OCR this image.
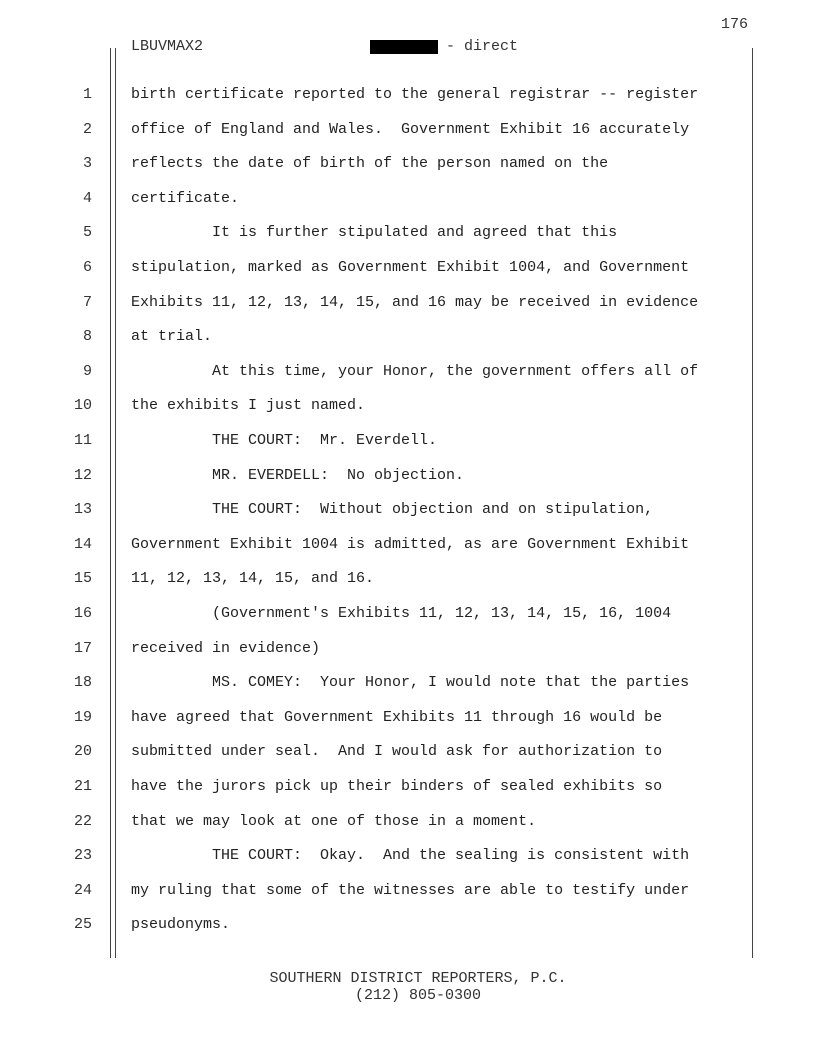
176
LBUVMAX2	- direct
1	birth certificate reported to the general registrar -- register
2	office of England and Wales.  Government Exhibit 16 accurately
3	reflects the date of birth of the person named on the
4	certificate.
5	It is further stipulated and agreed that this
6	stipulation, marked as Government Exhibit 1004, and Government
7	Exhibits 11, 12, 13, 14, 15, and 16 may be received in evidence
8	at trial.
9	At this time, your Honor, the government offers all of
10	the exhibits I just named.
11	THE COURT:  Mr. Everdell.
12	MR. EVERDELL:  No objection.
13	THE COURT:  Without objection and on stipulation,
14	Government Exhibit 1004 is admitted, as are Government Exhibit
15	11, 12, 13, 14, 15, and 16.
16	(Government's Exhibits 11, 12, 13, 14, 15, 16, 1004
17	received in evidence)
18	MS. COMEY:  Your Honor, I would note that the parties
19	have agreed that Government Exhibits 11 through 16 would be
20	submitted under seal.  And I would ask for authorization to
21	have the jurors pick up their binders of sealed exhibits so
22	that we may look at one of those in a moment.
23	THE COURT:  Okay.  And the sealing is consistent with
24	my ruling that some of the witnesses are able to testify under
25	pseudonyms.
SOUTHERN DISTRICT REPORTERS, P.C.
(212) 805-0300
